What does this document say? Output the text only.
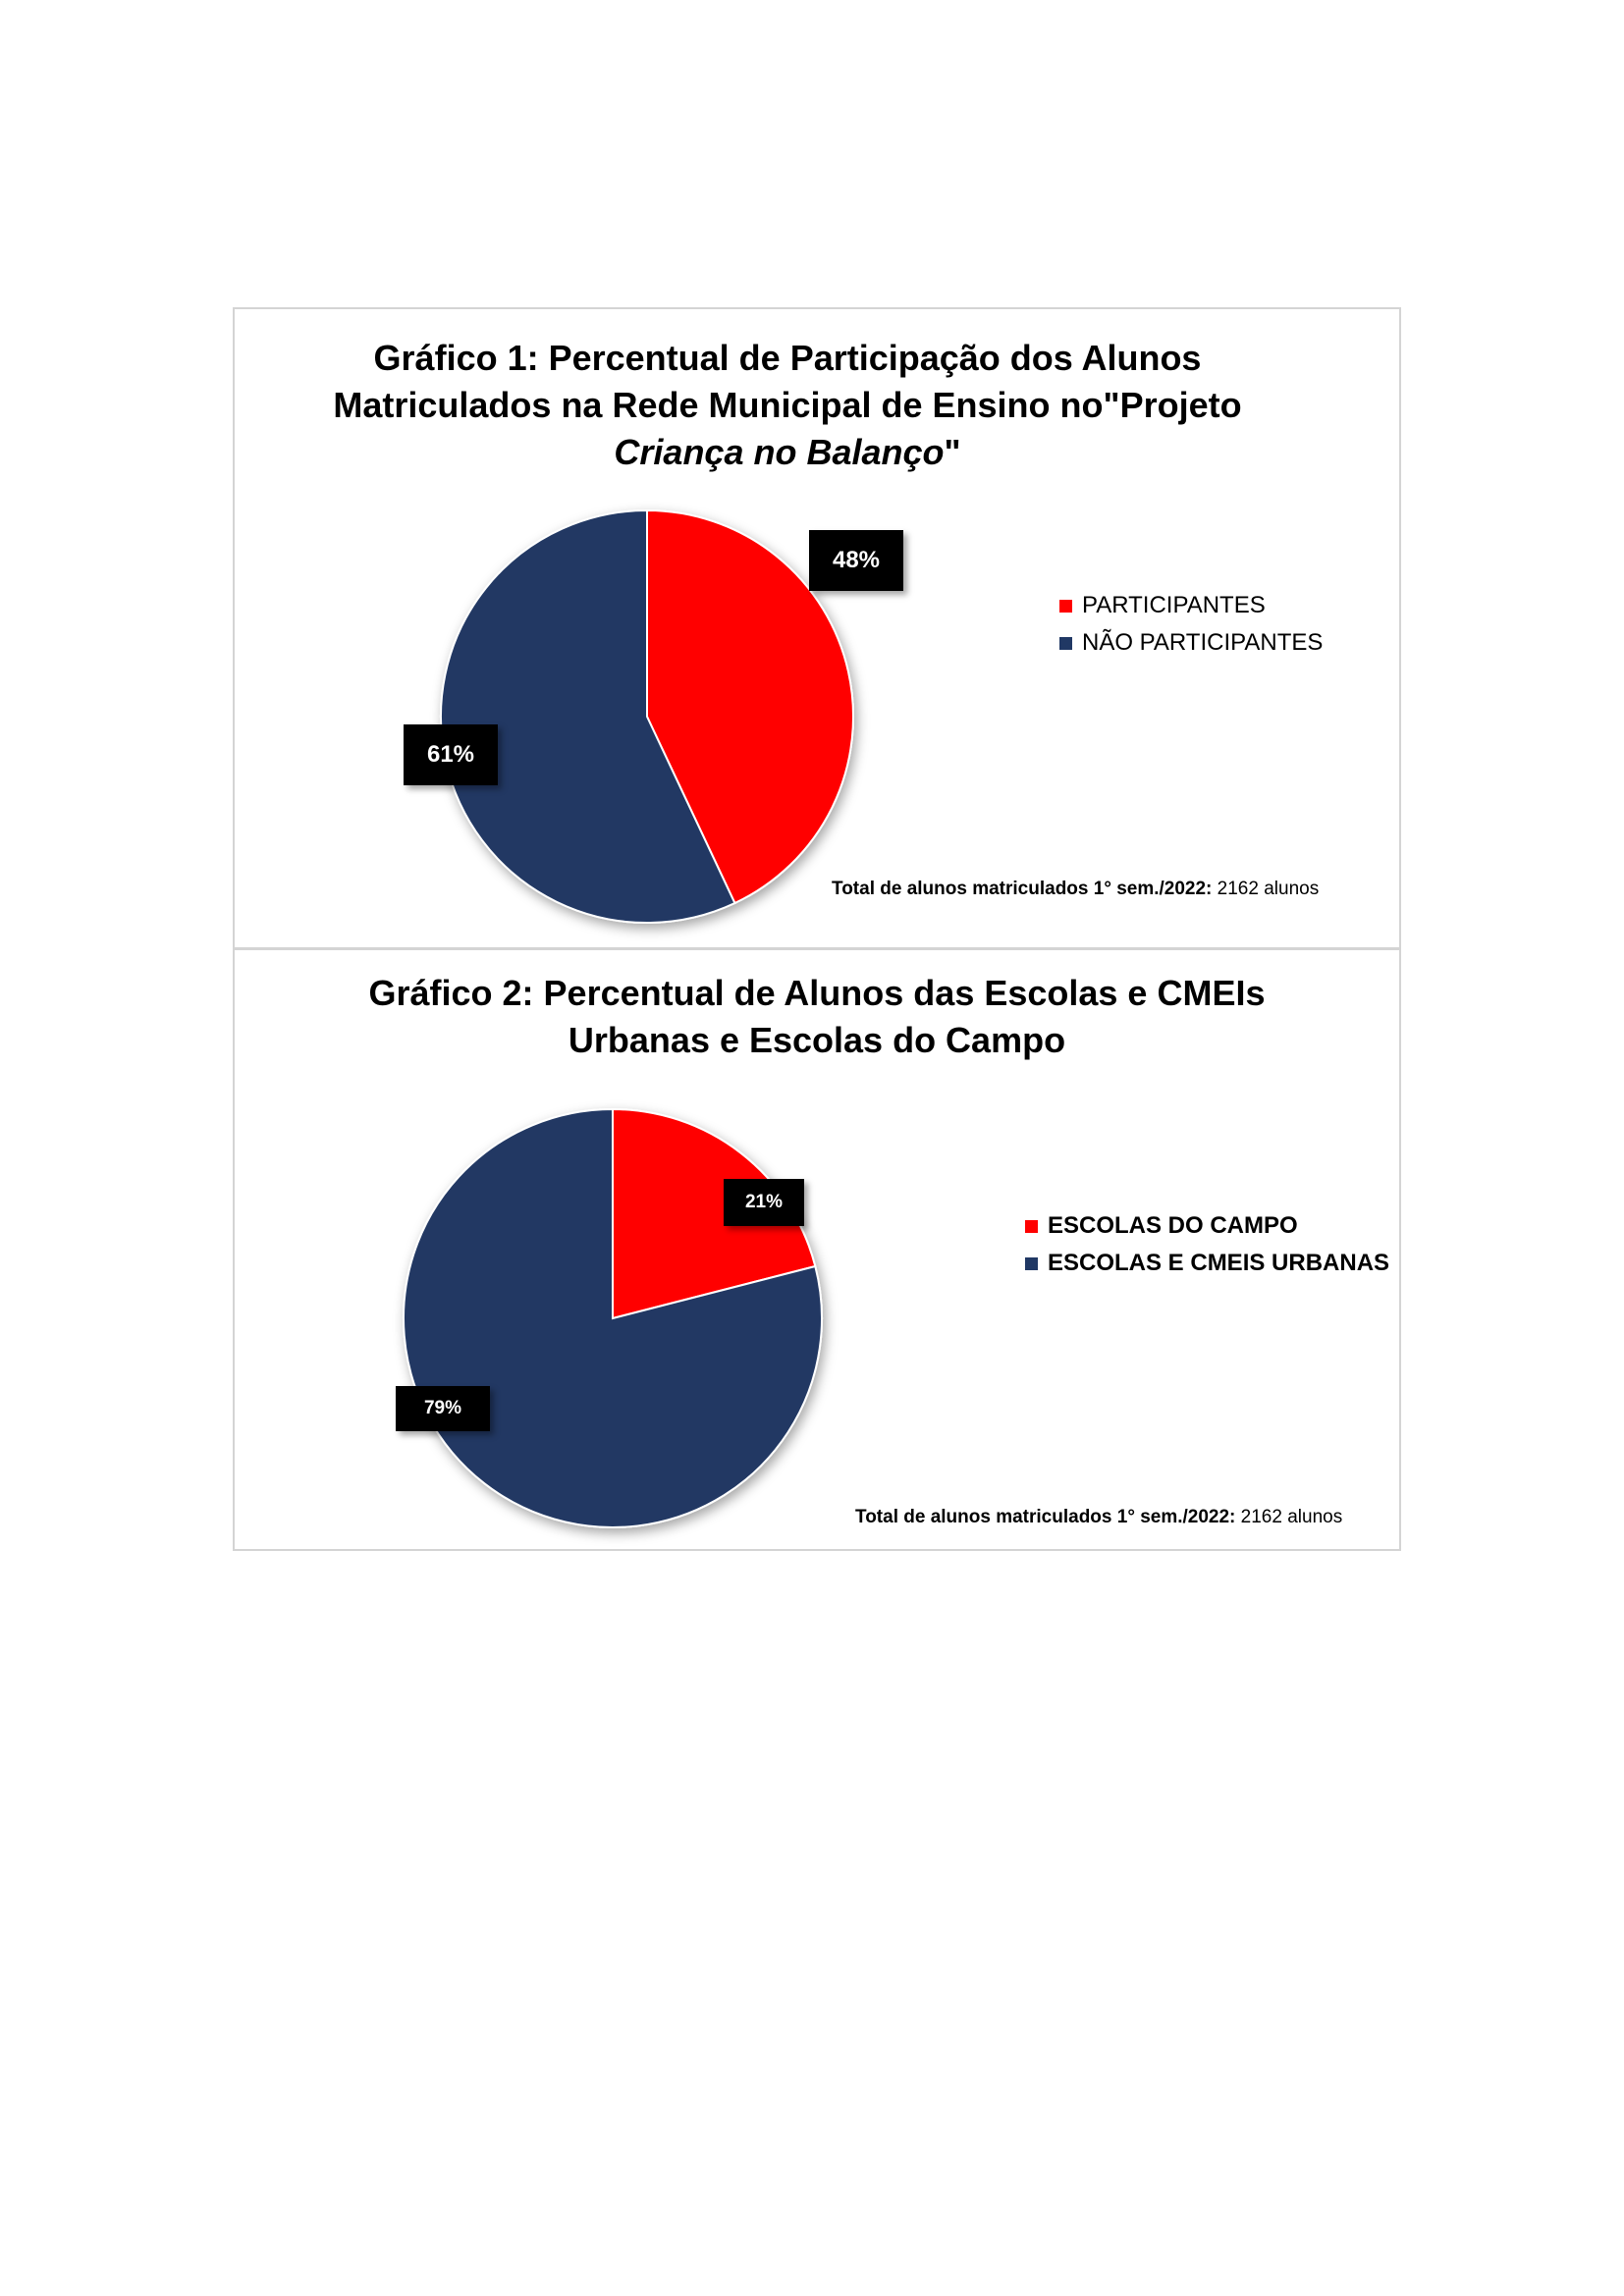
Gráfico 1: Percentual de Participação dos Alunos
Matriculados na Rede Municipal de Ensino no"Projeto
Criança no Balanço"
48%
61%
PARTICIPANTES
NÃO PARTICIPANTES
Total de alunos matriculados 1° sem./2022: 2162 alunos
Gráfico 2: Percentual de Alunos das Escolas e CMEIs
Urbanas e Escolas do Campo
21%
79%
ESCOLAS DO CAMPO
ESCOLAS E CMEIS URBANAS
Total de alunos matriculados 1° sem./2022: 2162 alunos
